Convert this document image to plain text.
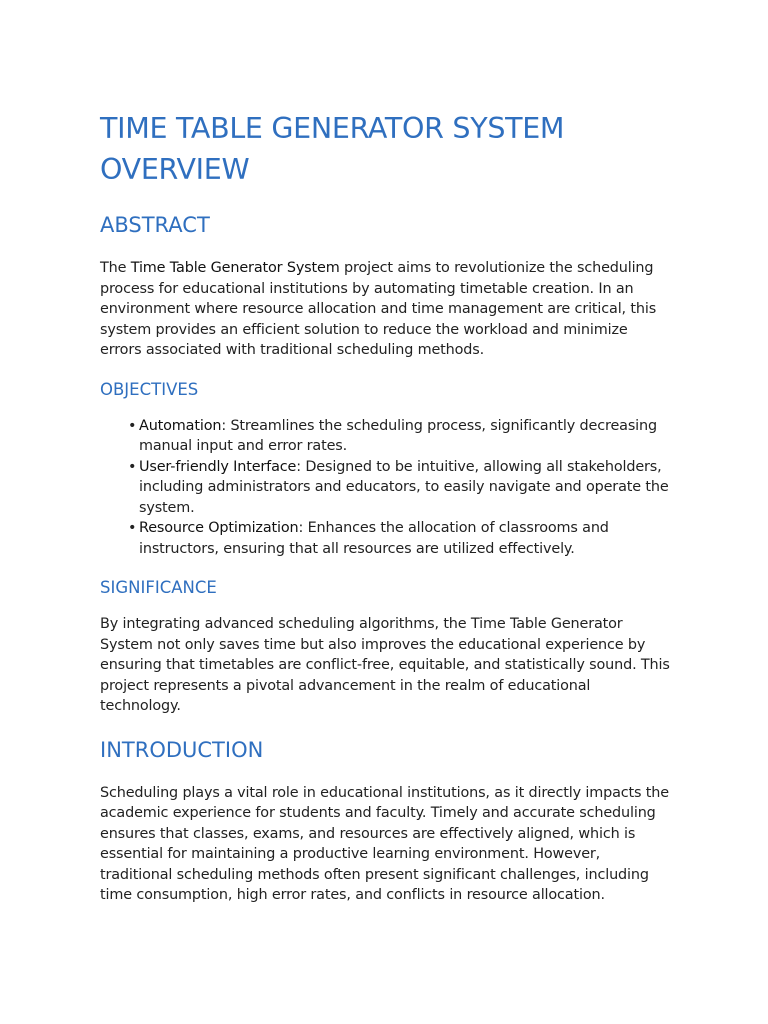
TIME TABLE GENERATOR SYSTEM OVERVIEW
ABSTRACT

The Time Table Generator System project aims to revolutionize the scheduling process for educational institutions by automating timetable creation. In an environment where resource allocation and time management are critical, this system provides an efficient solution to reduce the workload and minimize errors associated with traditional scheduling methods.

OBJECTIVES
• Automation: Streamlines the scheduling process, significantly decreasing manual input and error rates.
• User-friendly Interface: Designed to be intuitive, allowing all stakeholders, including administrators and educators, to easily navigate and operate the system.
• Resource Optimization: Enhances the allocation of classrooms and instructors, ensuring that all resources are utilized effectively.
SIGNIFICANCE

By integrating advanced scheduling algorithms, the Time Table Generator System not only saves time but also improves the educational experience by ensuring that timetables are conflict-free, equitable, and statistically sound. This project represents a pivotal advancement in the realm of educational technology.

INTRODUCTION

Scheduling plays a vital role in educational institutions, as it directly impacts the academic experience for students and faculty. Timely and accurate scheduling ensures that classes, exams, and resources are effectively aligned, which is essential for maintaining a productive learning environment. However, traditional scheduling methods often present significant challenges, including time consumption, high error rates, and conflicts in resource allocation.
